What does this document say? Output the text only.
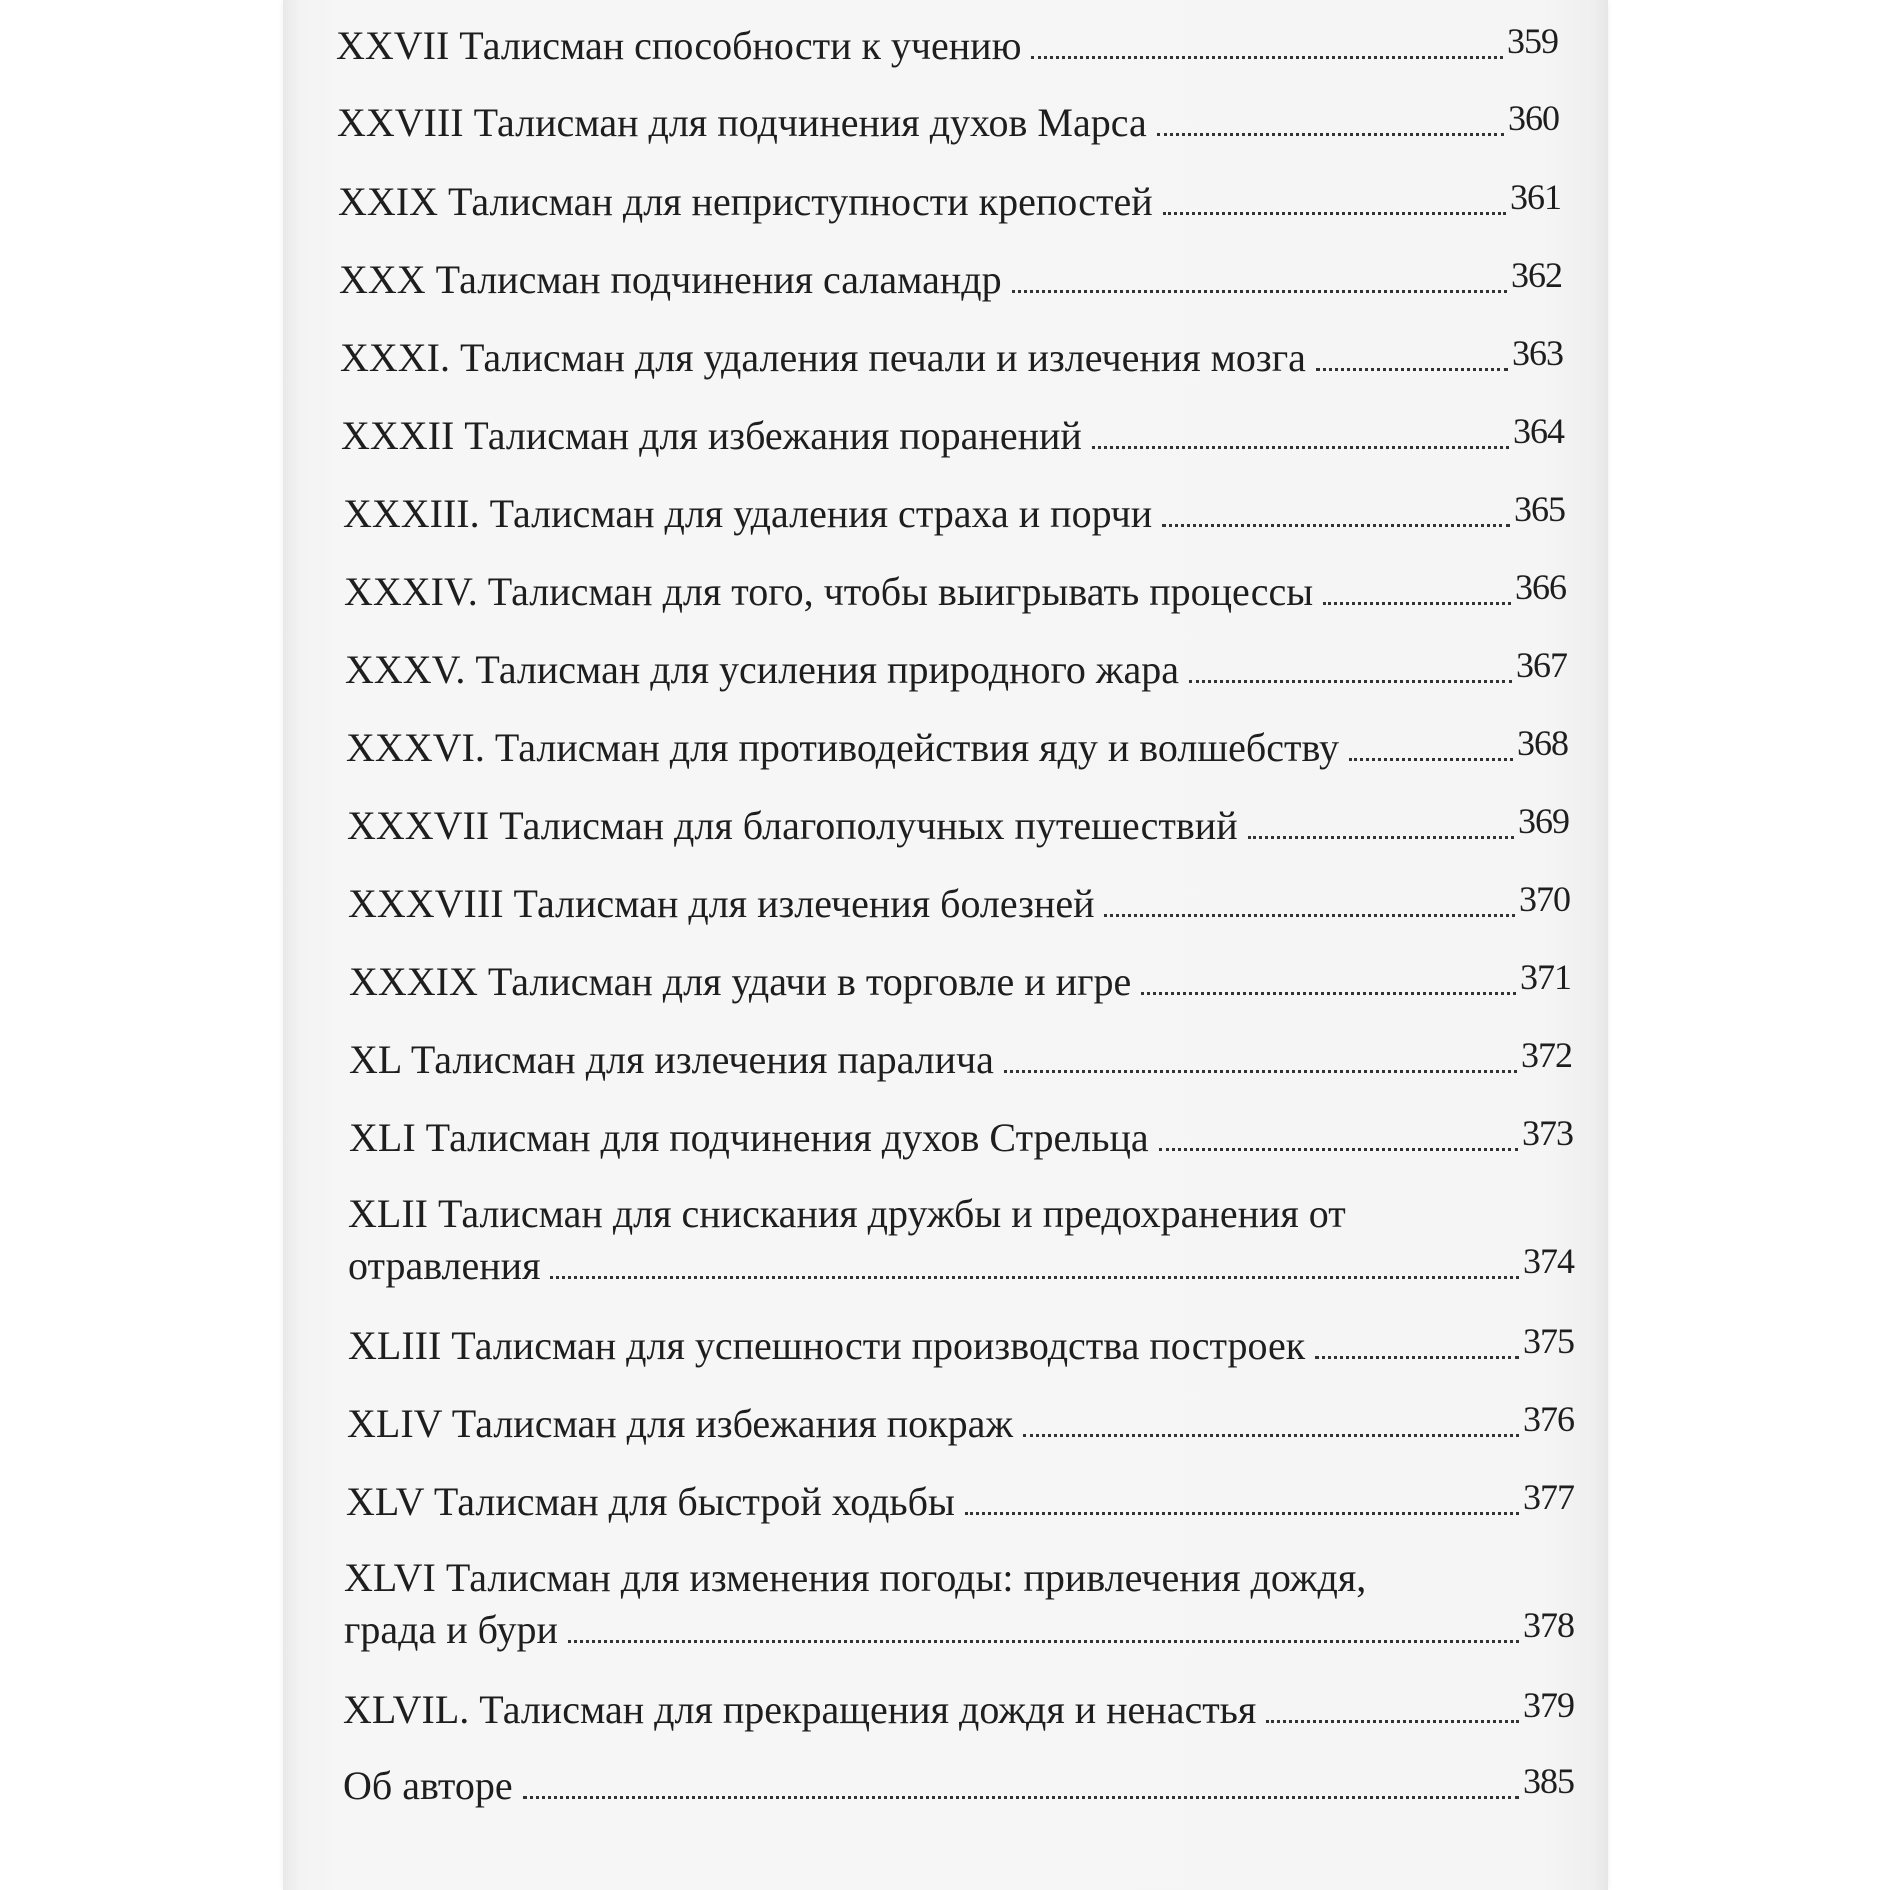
XXVII Талисман способности к учению	359
XXVIII Талисман для подчинения духов Марса	360
XXIX Талисман для неприступности крепостей	361
XXX Талисман подчинения саламандр	362
XXXI. Талисман для удаления печали и излечения мозга	363
XXXII Талисман для избежания поранений	364
XXXIII. Талисман для удаления страха и порчи	365
XXXIV. Талисман для того, чтобы выигрывать процессы	366
XXXV. Талисман для усиления природного жара	367
XXXVI. Талисман для противодействия яду и волшебству	368
XXXVII Талисман для благополучных путешествий	369
XXXVIII Талисман для излечения болезней	370
XXXIX Талисман для удачи в торговле и игре	371
XL Талисман для излечения паралича	372
XLI Талисман для подчинения духов Стрельца	373
XLII Талисман для снискания дружбы и предохранения от
отравления	374
XLIII Талисман для успешности производства построек	375
XLIV Талисман для избежания покраж	376
XLV Талисман для быстрой ходьбы	377
XLVI Талисман для изменения погоды: привлечения дождя,
града и бури	378
XLVIL. Талисман для прекращения дождя и ненастья	379
Об авторе	385
